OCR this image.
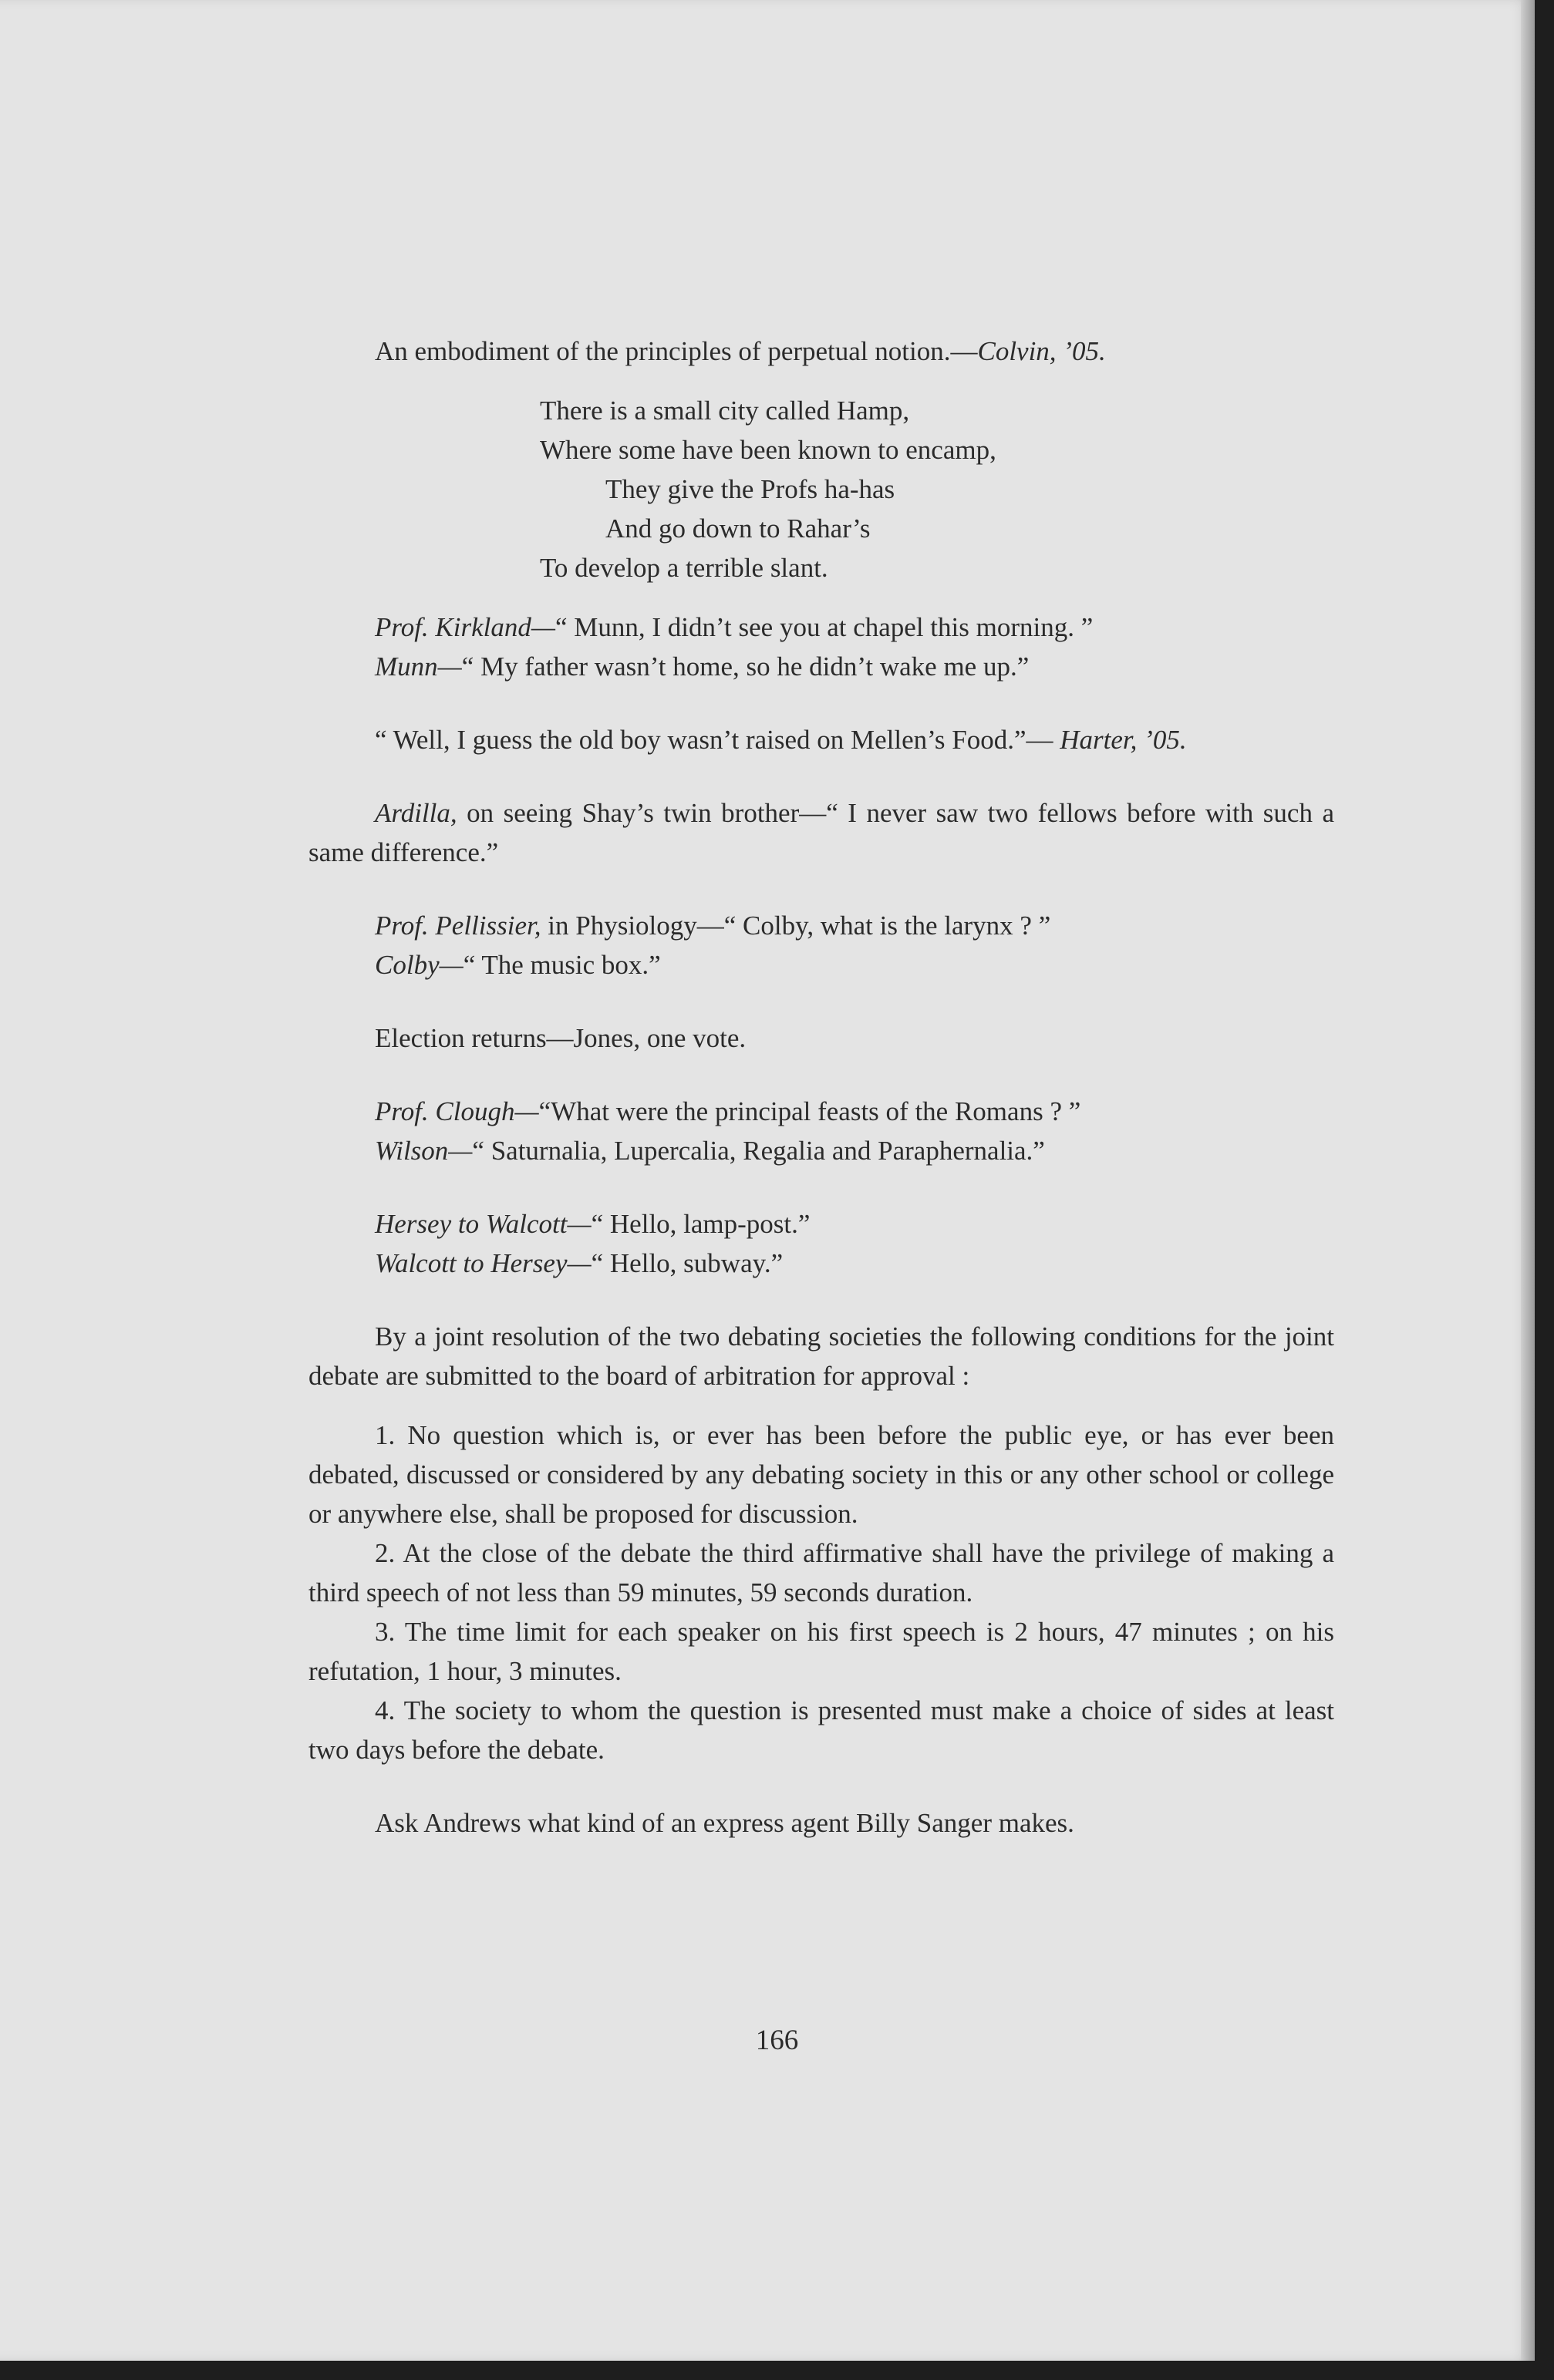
An embodiment of the principles of perpetual notion.—Colvin, ’05.

There is a small city called Hamp,
Where some have been known to encamp,
They give the Profs ha-has
And go down to Rahar’s
To develop a terrible slant.

Prof. Kirkland—“ Munn, I didn’t see you at chapel this morning. ”
Munn—“ My father wasn’t home, so he didn’t wake me up.”

“ Well, I guess the old boy wasn’t raised on Mellen’s Food.”— Harter, ’05.

Ardilla, on seeing Shay’s twin brother—“ I never saw two fellows before with such a same difference.”

Prof. Pellissier, in Physiology—“ Colby, what is the larynx ? ”
Colby—“ The music box.”

Election returns—Jones, one vote.

Prof. Clough—“What were the principal feasts of the Romans ? ”
Wilson—“ Saturnalia, Lupercalia, Regalia and Paraphernalia.”

Hersey to Walcott—“ Hello, lamp-post.”
Walcott to Hersey—“ Hello, subway.”

By a joint resolution of the two debating societies the following conditions for the joint debate are submitted to the board of arbitration for approval :

1. No question which is, or ever has been before the public eye, or has ever been debated, discussed or considered by any debating society in this or any other school or college or anywhere else, shall be proposed for discussion.

2. At the close of the debate the third affirmative shall have the privilege of making a third speech of not less than 59 minutes, 59 seconds duration.

3. The time limit for each speaker on his first speech is 2 hours, 47 minutes ; on his refutation, 1 hour, 3 minutes.

4. The society to whom the question is presented must make a choice of sides at least two days before the debate.

Ask Andrews what kind of an express agent Billy Sanger makes.

166
